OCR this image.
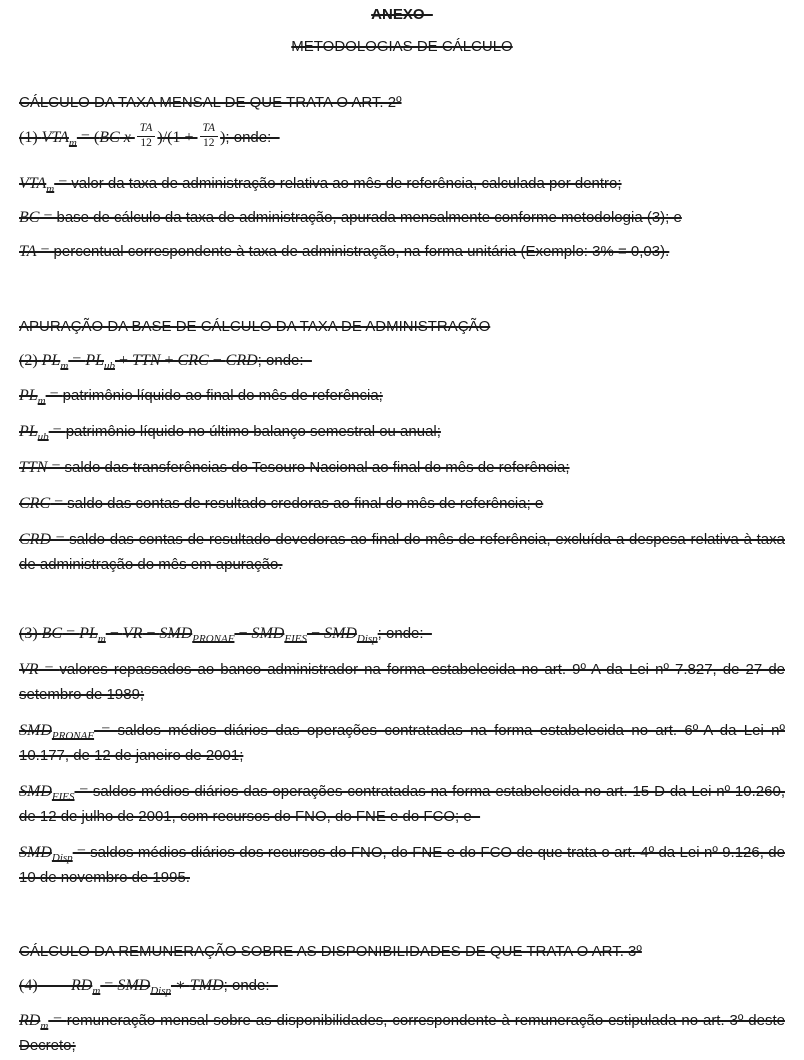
ANEXO

METODOLOGIAS DE CÁLCULO

CÁLCULO DA TAXA MENSAL DE QUE TRATA O ART. 2º

(1) $VTA_m = (BC$ x $\frac{TA}{12} )/(1 + \frac{TA}{12}$ ); onde:

$VTA_m$ = valor da taxa de administração relativa ao mês de referência, calculada por dentro;

BC = base de cálculo da taxa de administração, apurada mensalmente conforme metodologia (3); e

TA = percentual correspondente à taxa de administração, na forma unitária (Exemplo: 3% = 0,03).

APURAÇÃO DA BASE DE CÁLCULO DA TAXA DE ADMINISTRAÇÃO

(2) $PL_m = PL_{ub}$ + TTN + CRC − CRD; onde:

$PL_m$ = patrimônio líquido ao final do mês de referência;

$PL_{ub}$ = patrimônio líquido no último balanço semestral ou anual;

TTN = saldo das transferências do Tesouro Nacional ao final do mês de referência;

CRC = saldo das contas de resultado credoras ao final do mês de referência; e

CRD = saldo das contas de resultado devedoras ao final do mês de referência, excluída a despesa relativa à taxa de administração do mês em apuração.

(3) BC = $PL_m$ − VR − $SMD_{PRONAF} - SMD_{FIES} - SMD_{Disp}$; onde:

VR = valores repassados ao banco administrador na forma estabelecida no art. 9º-A da Lei nº 7.827, de 27 de setembro de 1989;

$SMD_{PRONAF}$ = saldos médios diários das operações contratadas na forma estabelecida no art. 6º-A da Lei nº 10.177, de 12 de janeiro de 2001;

$SMD_{FIES}$ = saldos médios diários das operações contratadas na forma estabelecida no art. 15-D da Lei nº 10.260, de 12 de julho de 2001, com recursos do FNO, do FNE e do FCO; e

$SMD_{Disp}$ = saldos médios diários dos recursos do FNO, do FNE e do FCO de que trata o art. 4º da Lei nº 9.126, de 10 de novembro de 1995.

CÁLCULO DA REMUNERAÇÃO SOBRE AS DISPONIBILIDADES DE QUE TRATA O ART. 3º

(4) $RD_m = SMD_{Disp}$ ∗ TMD; onde:

$RD_m$ = remuneração mensal sobre as disponibilidades, correspondente à remuneração estipulada no art. 3º deste Decreto;
